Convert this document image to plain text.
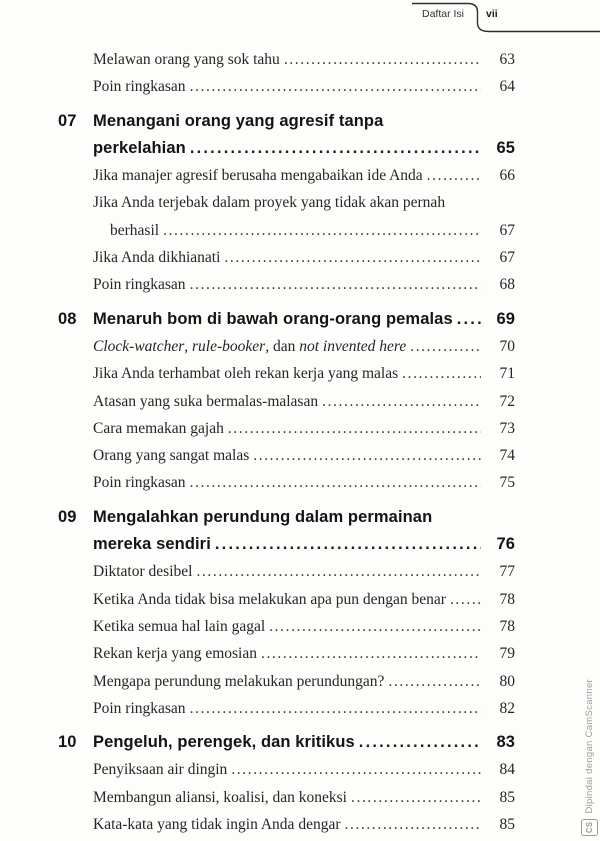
Daftar Isi vii
Melawan orang yang sok tahu .....	63
Poin ringkasan .....	64
07 Menangani orang yang agresif tanpa
perkelahian .....	65
Jika manajer agresif berusaha mengabaikan ide Anda .....	66
Jika Anda terjebak dalam proyek yang tidak akan pernah
berhasil .....	67
Jika Anda dikhianati .....	67
Poin ringkasan .....	68
08 Menaruh bom di bawah orang-orang pemalas .....	69
Clock-watcher, rule-booker, dan not invented here .....	70
Jika Anda terhambat oleh rekan kerja yang malas .....	71
Atasan yang suka bermalas-malasan .....	72
Cara memakan gajah .....	73
Orang yang sangat malas .....	74
Poin ringkasan .....	75
09 Mengalahkan perundung dalam permainan
mereka sendiri .....	76
Diktator desibel .....	77
Ketika Anda tidak bisa melakukan apa pun dengan benar .....	78
Ketika semua hal lain gagal .....	78
Rekan kerja yang emosian .....	79
Mengapa perundung melakukan perundungan? .....	80
Poin ringkasan .....	82
10 Pengeluh, perengek, dan kritikus .....	83
Penyiksaan air dingin .....	84
Membangun aliansi, koalisi, dan koneksi .....	85
Kata-kata yang tidak ingin Anda dengar .....	85
Dipindai dengan CamScanner
CS
